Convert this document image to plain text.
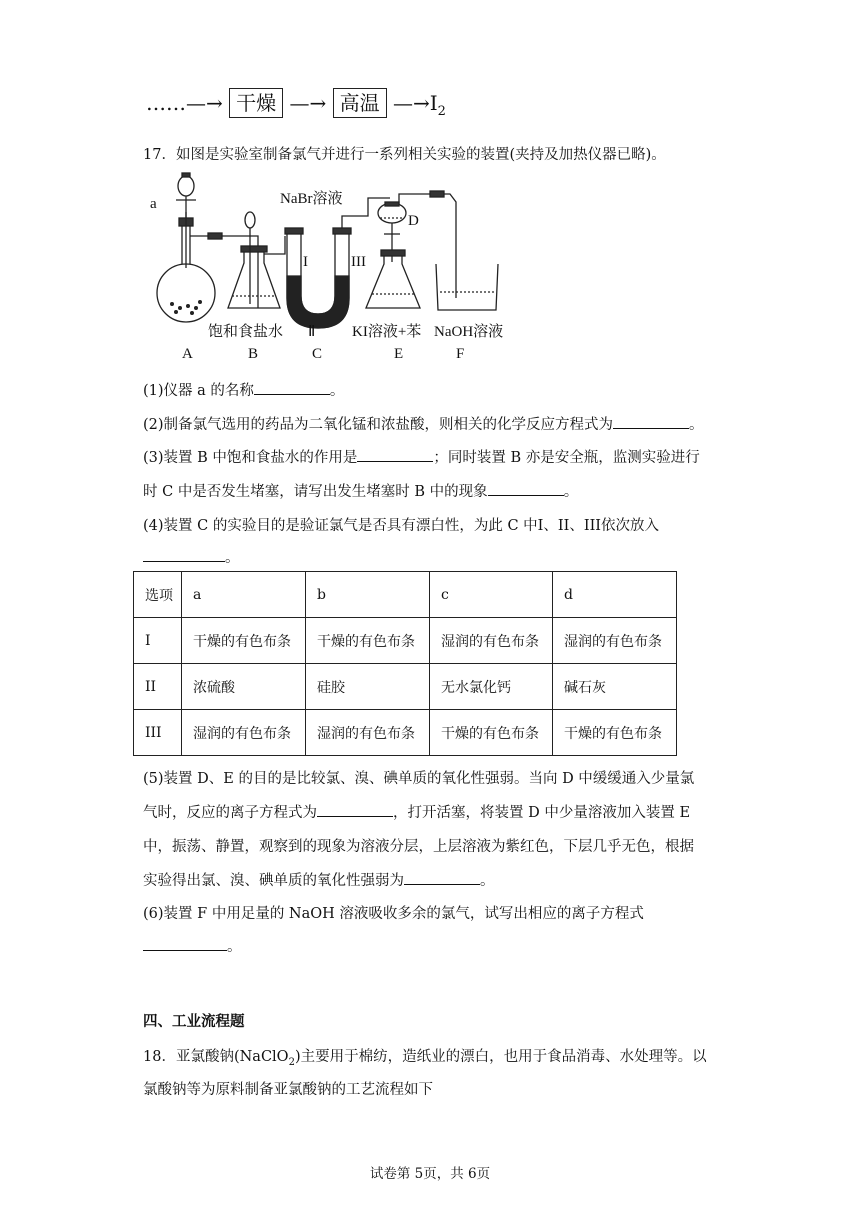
……—→ 干燥 —→ 高温 $—\to I_2$
17．如图是实验室制备氯气并进行一系列相关实验的装置(夹持及加热仪器已略)。
a	NaBr溶液
D
I	III
饱和食盐水 Ⅱ KI溶液+苯 NaOH溶液
A	B	C	E	F
(1)仪器 a 的名称	。
(2)制备氯气选用的药品为二氧化锰和浓盐酸，则相关的化学反应方程式为	。
(3)装置 B 中饱和食盐水的作用是	；同时装置 B 亦是安全瓶，监测实验进行
时 C 中是否发生堵塞，请写出发生堵塞时 B 中的现象	。
(4)装置 C 的实验目的是验证氯气是否具有漂白性，为此 C 中I、II、III依次放入
。
选项	a	b	c	d
I	干燥的有色布条	干燥的有色布条	湿润的有色布条	湿润的有色布条
II	浓硫酸	硅胶	无水氯化钙	碱石灰
III	湿润的有色布条	湿润的有色布条	干燥的有色布条	干燥的有色布条
(5)装置 D、E 的目的是比较氯、溴、碘单质的氧化性强弱。当向 D 中缓缓通入少量氯
气时，反应的离子方程式为	，打开活塞，将装置 D 中少量溶液加入装置 E
中，振荡、静置，观察到的现象为溶液分层，上层溶液为紫红色，下层几乎无色，根据
实验得出氯、溴、碘单质的氧化性强弱为	。
(6)装置 F 中用足量的 NaOH 溶液吸收多余的氯气，试写出相应的离子方程式
。
四、工业流程题
18．亚氯酸钠(NaClO$_2$)主要用于棉纺，造纸业的漂白，也用于食品消毒、水处理等。以
氯酸钠等为原料制备亚氯酸钠的工艺流程如下
试卷第 5页，共 6页
